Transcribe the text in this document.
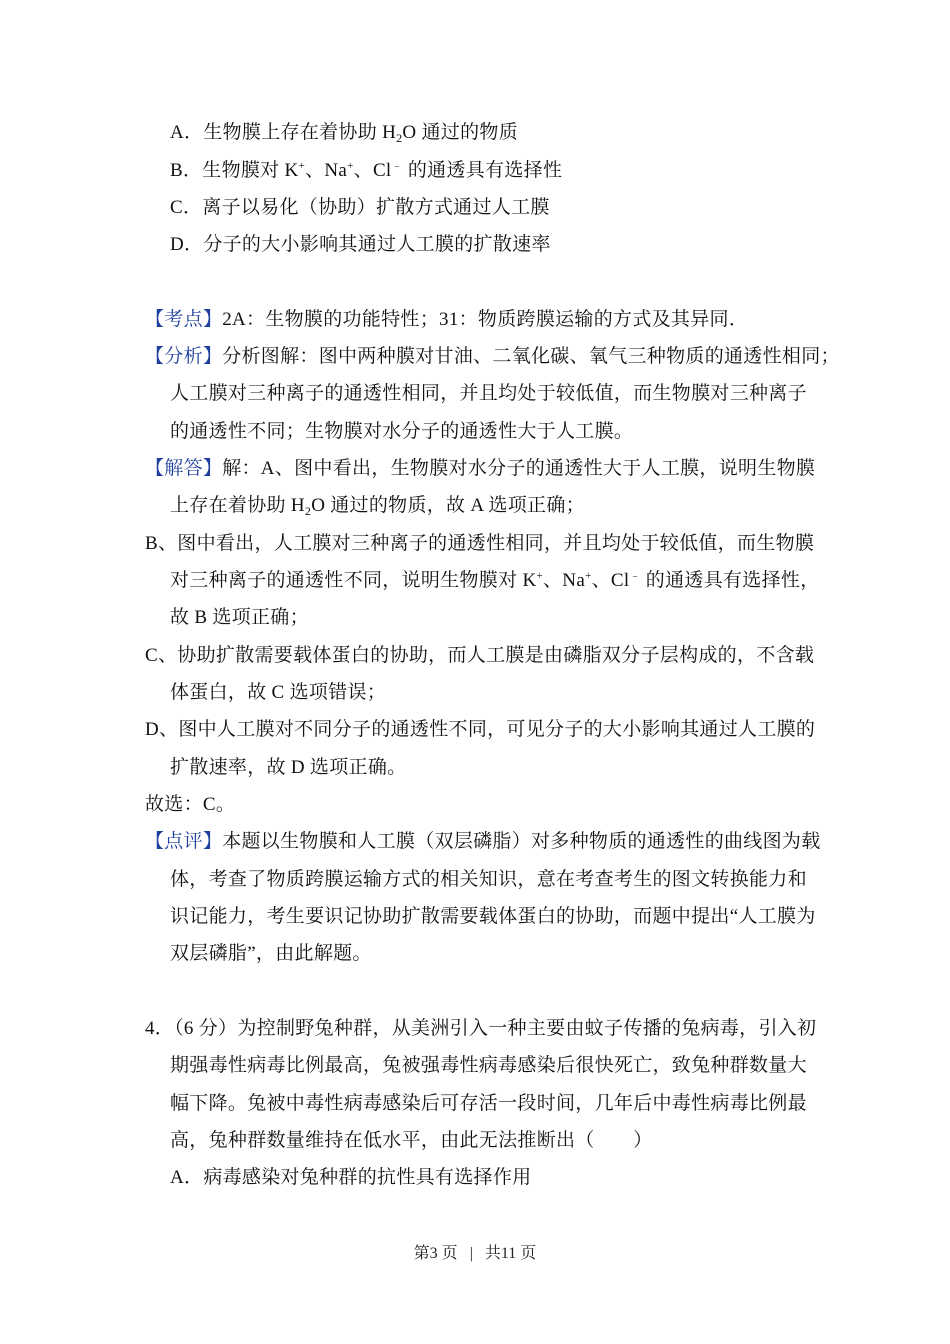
A．生物膜上存在着协助 $H_2O$ 通过的物质
B．生物膜对 K+、Na+、Cl﹣ 的通透具有选择性
C．离子以易化（协助）扩散方式通过人工膜
D．分子的大小影响其通过人工膜的扩散速率
【考点】2A：生物膜的功能特性；31：物质跨膜运输的方式及其异同．
【分析】分析图解：图中两种膜对甘油、二氧化碳、氧气三种物质的通透性相同；
人工膜对三种离子的通透性相同，并且均处于较低值，而生物膜对三种离子
的通透性不同；生物膜对水分子的通透性大于人工膜。
【解答】解：A、图中看出，生物膜对水分子的通透性大于人工膜，说明生物膜
上存在着协助 $H_2O$ 通过的物质，故 A 选项正确；
B、图中看出，人工膜对三种离子的通透性相同，并且均处于较低值，而生物膜
对三种离子的通透性不同，说明生物膜对 K+、Na+、Cl﹣ 的通透具有选择性，
故 B 选项正确；
C、协助扩散需要载体蛋白的协助，而人工膜是由磷脂双分子层构成的，不含载
体蛋白，故 C 选项错误；
D、图中人工膜对不同分子的通透性不同，可见分子的大小影响其通过人工膜的
扩散速率，故 D 选项正确。
故选：C。
【点评】本题以生物膜和人工膜（双层磷脂）对多种物质的通透性的曲线图为载
体，考查了物质跨膜运输方式的相关知识，意在考查考生的图文转换能力和
识记能力，考生要识记协助扩散需要载体蛋白的协助，而题中提出“人工膜为
双层磷脂”，由此解题。
4．（6 分）为控制野兔种群，从美洲引入一种主要由蚊子传播的兔病毒，引入初
期强毒性病毒比例最高，兔被强毒性病毒感染后很快死亡，致兔种群数量大
幅下降。兔被中毒性病毒感染后可存活一段时间，几年后中毒性病毒比例最
高，兔种群数量维持在低水平，由此无法推断出（　　）
A．病毒感染对兔种群的抗性具有选择作用
第3 页 | 共11 页
